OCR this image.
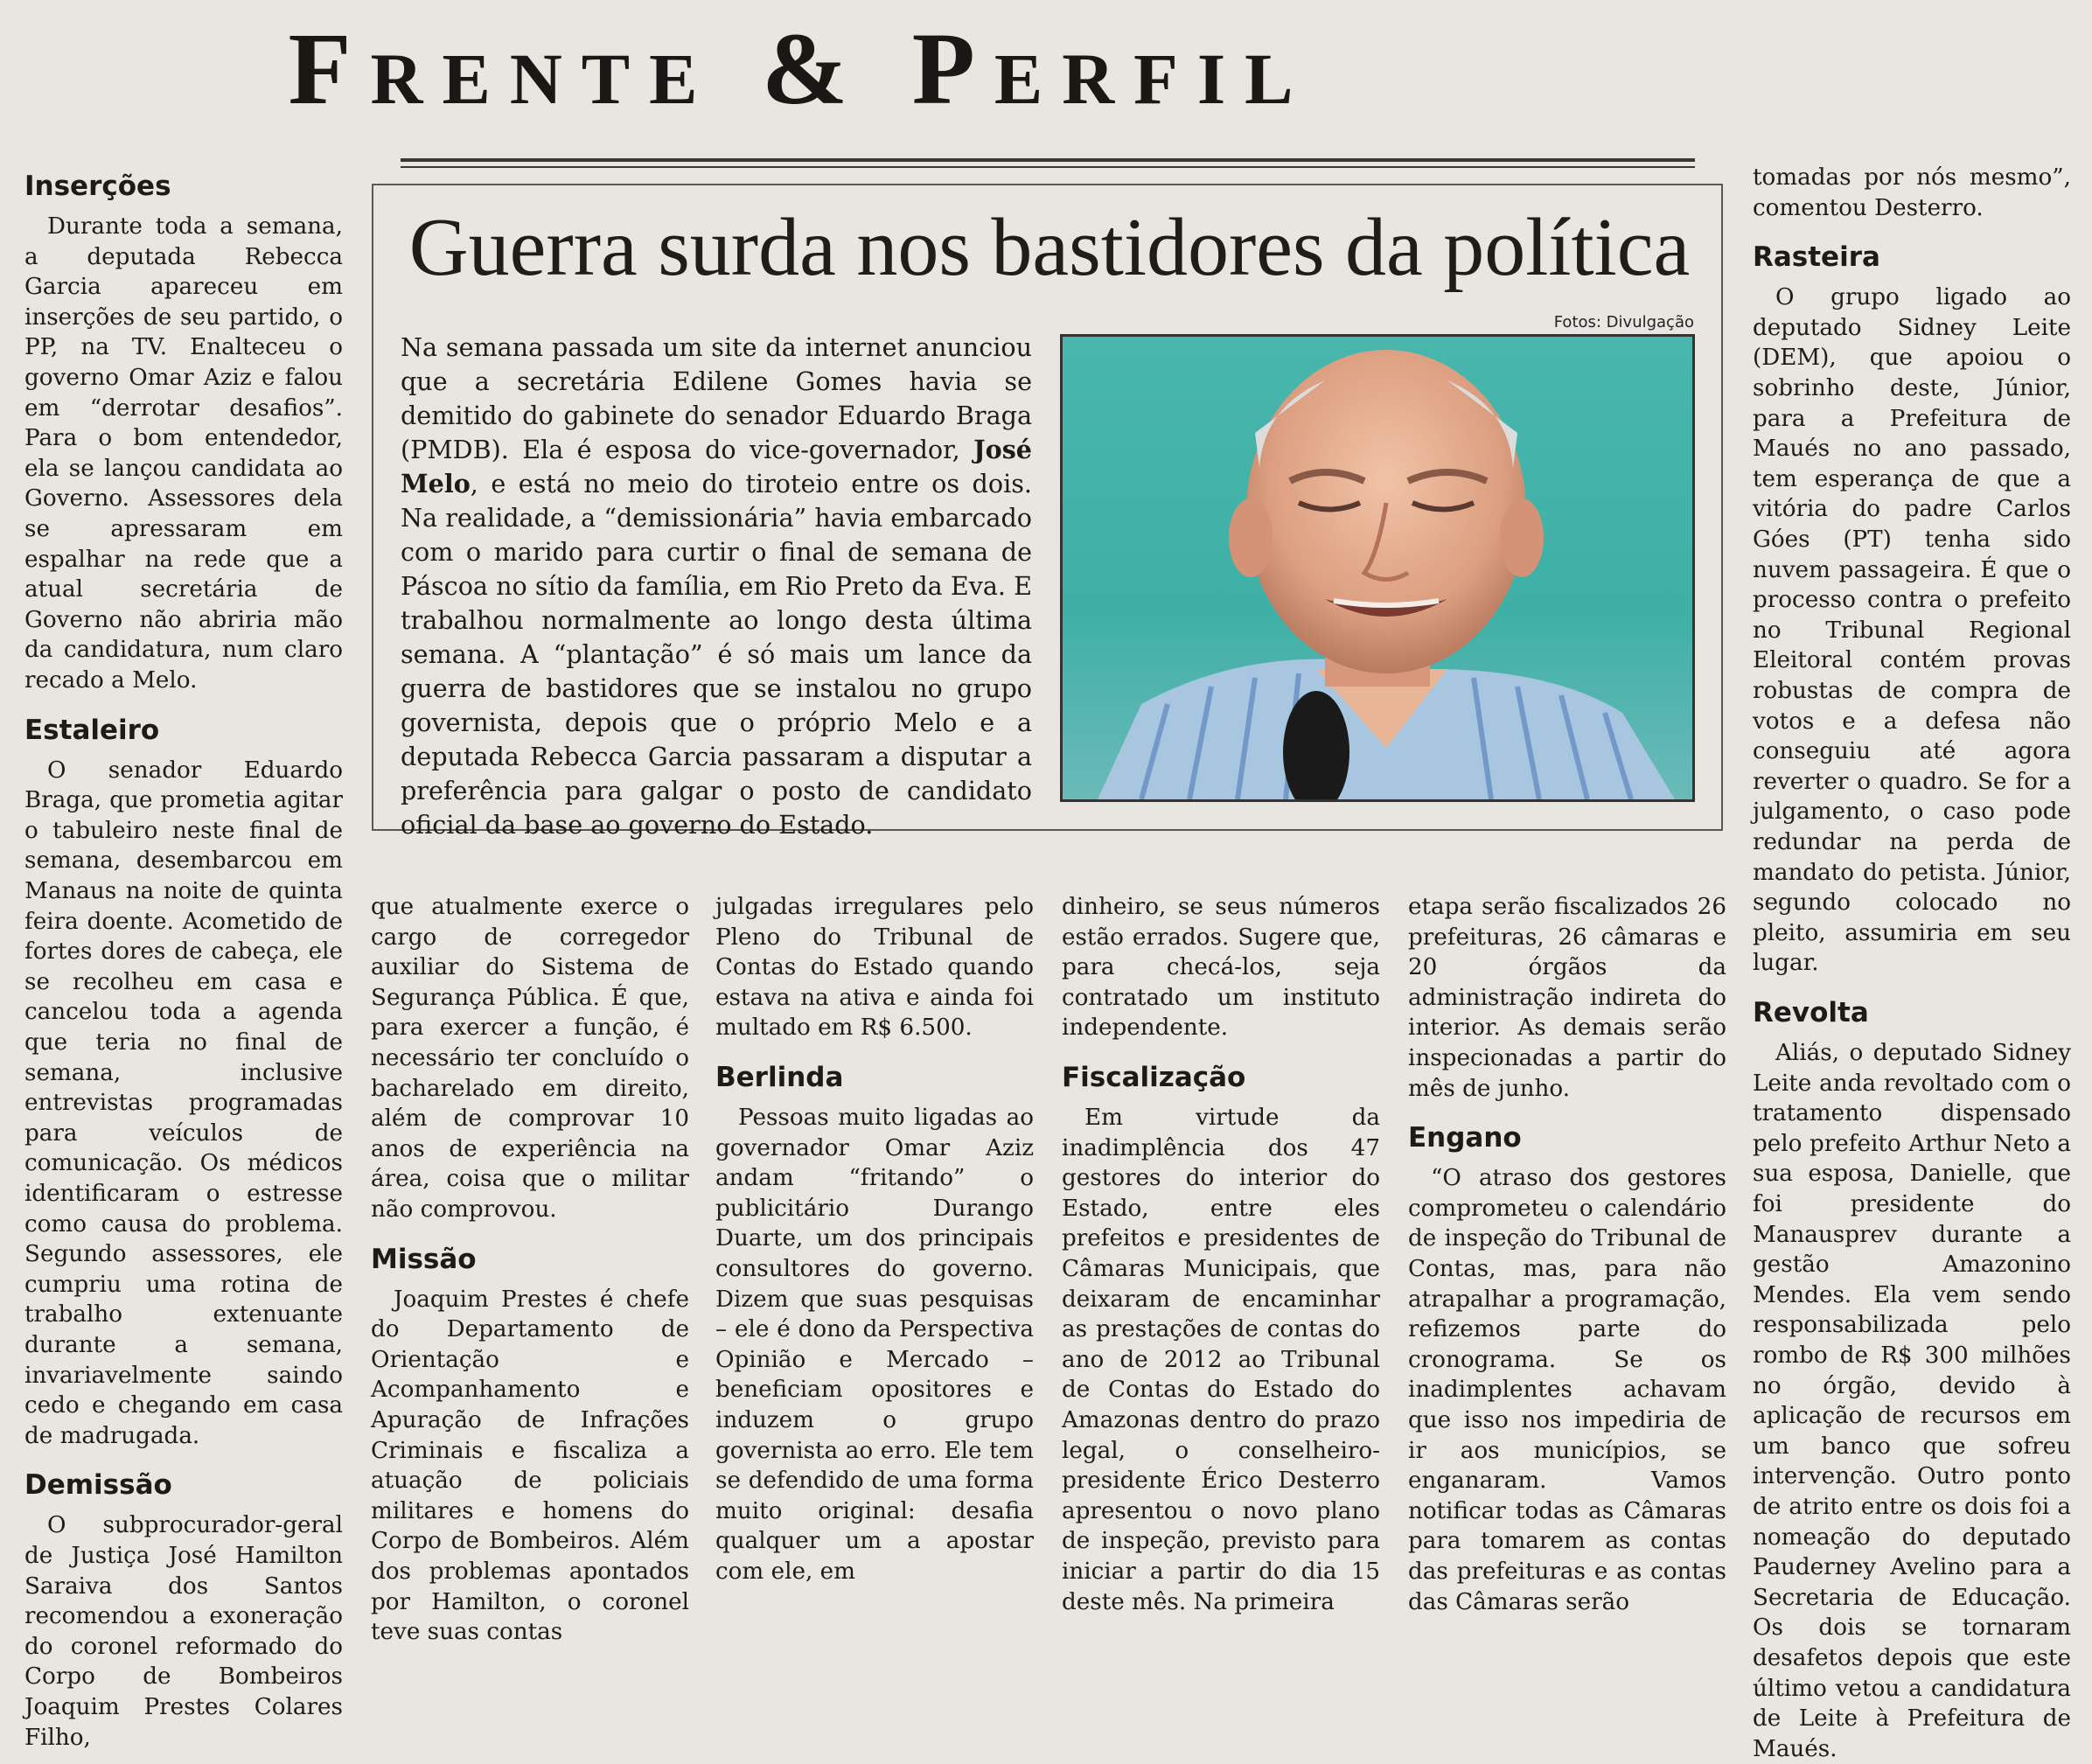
Frente & Perfil
Guerra surda nos bastidores da política
Fotos: Divulgação
Na semana passada um site da internet anunciou que a secretária Edilene Gomes havia se demitido do gabinete do senador Eduardo Braga (PMDB). Ela é esposa do vice-governador, José Melo, e está no meio do tiroteio entre os dois. Na realidade, a “demissionária” havia embarcado com o marido para curtir o final de semana de Páscoa no sítio da família, em Rio Preto da Eva. E trabalhou normalmente ao longo desta última semana. A “plantação” é só mais um lance da guerra de bastidores que se instalou no grupo governista, depois que o próprio Melo e a deputada Rebecca Garcia passaram a disputar a preferência para galgar o posto de candidato oficial da base ao governo do Estado.

Inserções

Durante toda a semana, a deputada Rebecca Garcia apareceu em inserções de seu partido, o PP, na TV. Enalteceu o governo Omar Aziz e falou em “derrotar desafios”. Para o bom entendedor, ela se lançou candidata ao Governo. Assessores dela se apressaram em espalhar na rede que a atual secretária de Governo não abriria mão da candidatura, num claro recado a Melo.

Estaleiro

O senador Eduardo Braga, que prometia agitar o tabuleiro neste final de semana, desembarcou em Manaus na noite de quinta feira doente. Acometido de fortes dores de cabeça, ele se recolheu em casa e cancelou toda a agenda que teria no final de semana, inclusive entrevistas programadas para veículos de comunicação. Os médicos identificaram o estresse como causa do problema. Segundo assessores, ele cumpriu uma rotina de trabalho extenuante durante a semana, invariavelmente saindo cedo e chegando em casa de madrugada.

Demissão

O subprocurador-geral de Justiça José Hamilton Saraiva dos Santos recomendou a exoneração do coronel reformado do Corpo de Bombeiros Joaquim Prestes Colares Filho,

que atualmente exerce o cargo de corregedor auxiliar do Sistema de Segurança Pública. É que, para exercer a função, é necessário ter concluído o bacharelado em direito, além de comprovar 10 anos de experiência na área, coisa que o militar não comprovou.

Missão

Joaquim Prestes é chefe do Departamento de Orientação e Acompanhamento e Apuração de Infrações Criminais e fiscaliza a atuação de policiais militares e homens do Corpo de Bombeiros. Além dos problemas apontados por Hamilton, o coronel teve suas contas

julgadas irregulares pelo Pleno do Tribunal de Contas do Estado quando estava na ativa e ainda foi multado em R$ 6.500.

Berlinda

Pessoas muito ligadas ao governador Omar Aziz andam “fritando” o publicitário Durango Duarte, um dos principais consultores do governo. Dizem que suas pesquisas – ele é dono da Perspectiva Opinião e Mercado –beneficiam opositores e induzem o grupo governista ao erro. Ele tem se defendido de uma forma muito original: desafia qualquer um a apostar com ele, em

dinheiro, se seus números estão errados. Sugere que, para checá-los, seja contratado um instituto independente.

Fiscalização

Em virtude da inadimplência dos 47 gestores do interior do Estado, entre eles prefeitos e presidentes de Câmaras Municipais, que deixaram de encaminhar as prestações de contas do ano de 2012 ao Tribunal de Contas do Estado do Amazonas dentro do prazo legal, o conselheiro-presidente Érico Desterro apresentou o novo plano de inspeção, previsto para iniciar a partir do dia 15 deste mês. Na primeira

etapa serão fiscalizados 26 prefeituras, 26 câmaras e 20 órgãos da administração indireta do interior. As demais serão inspecionadas a partir do mês de junho.

Engano

“O atraso dos gestores comprometeu o calendário de inspeção do Tribunal de Contas, mas, para não atrapalhar a programação, refizemos parte do cronograma. Se os inadimplentes achavam que isso nos impediria de ir aos municípios, se enganaram. Vamos notificar todas as Câmaras para tomarem as contas das prefeituras e as contas das Câmaras serão

tomadas por nós mesmo”, comentou Desterro.

Rasteira

O grupo ligado ao deputado Sidney Leite (DEM), que apoiou o sobrinho deste, Júnior, para a Prefeitura de Maués no ano passado, tem esperança de que a vitória do padre Carlos Góes (PT) tenha sido nuvem passageira. É que o processo contra o prefeito no Tribunal Regional Eleitoral contém provas robustas de compra de votos e a defesa não conseguiu até agora reverter o quadro. Se for a julgamento, o caso pode redundar na perda de mandato do petista. Júnior, segundo colocado no pleito, assumiria em seu lugar.

Revolta

Aliás, o deputado Sidney Leite anda revoltado com o tratamento dispensado pelo prefeito Arthur Neto a sua esposa, Danielle, que foi presidente do Manausprev durante a gestão Amazonino Mendes. Ela vem sendo responsabilizada pelo rombo de R$ 300 milhões no órgão, devido à aplicação de recursos em um banco que sofreu intervenção. Outro ponto de atrito entre os dois foi a nomeação do deputado Pauderney Avelino para a Secretaria de Educação. Os dois se tornaram desafetos depois que este último vetou a candidatura de Leite à Prefeitura de Maués.
